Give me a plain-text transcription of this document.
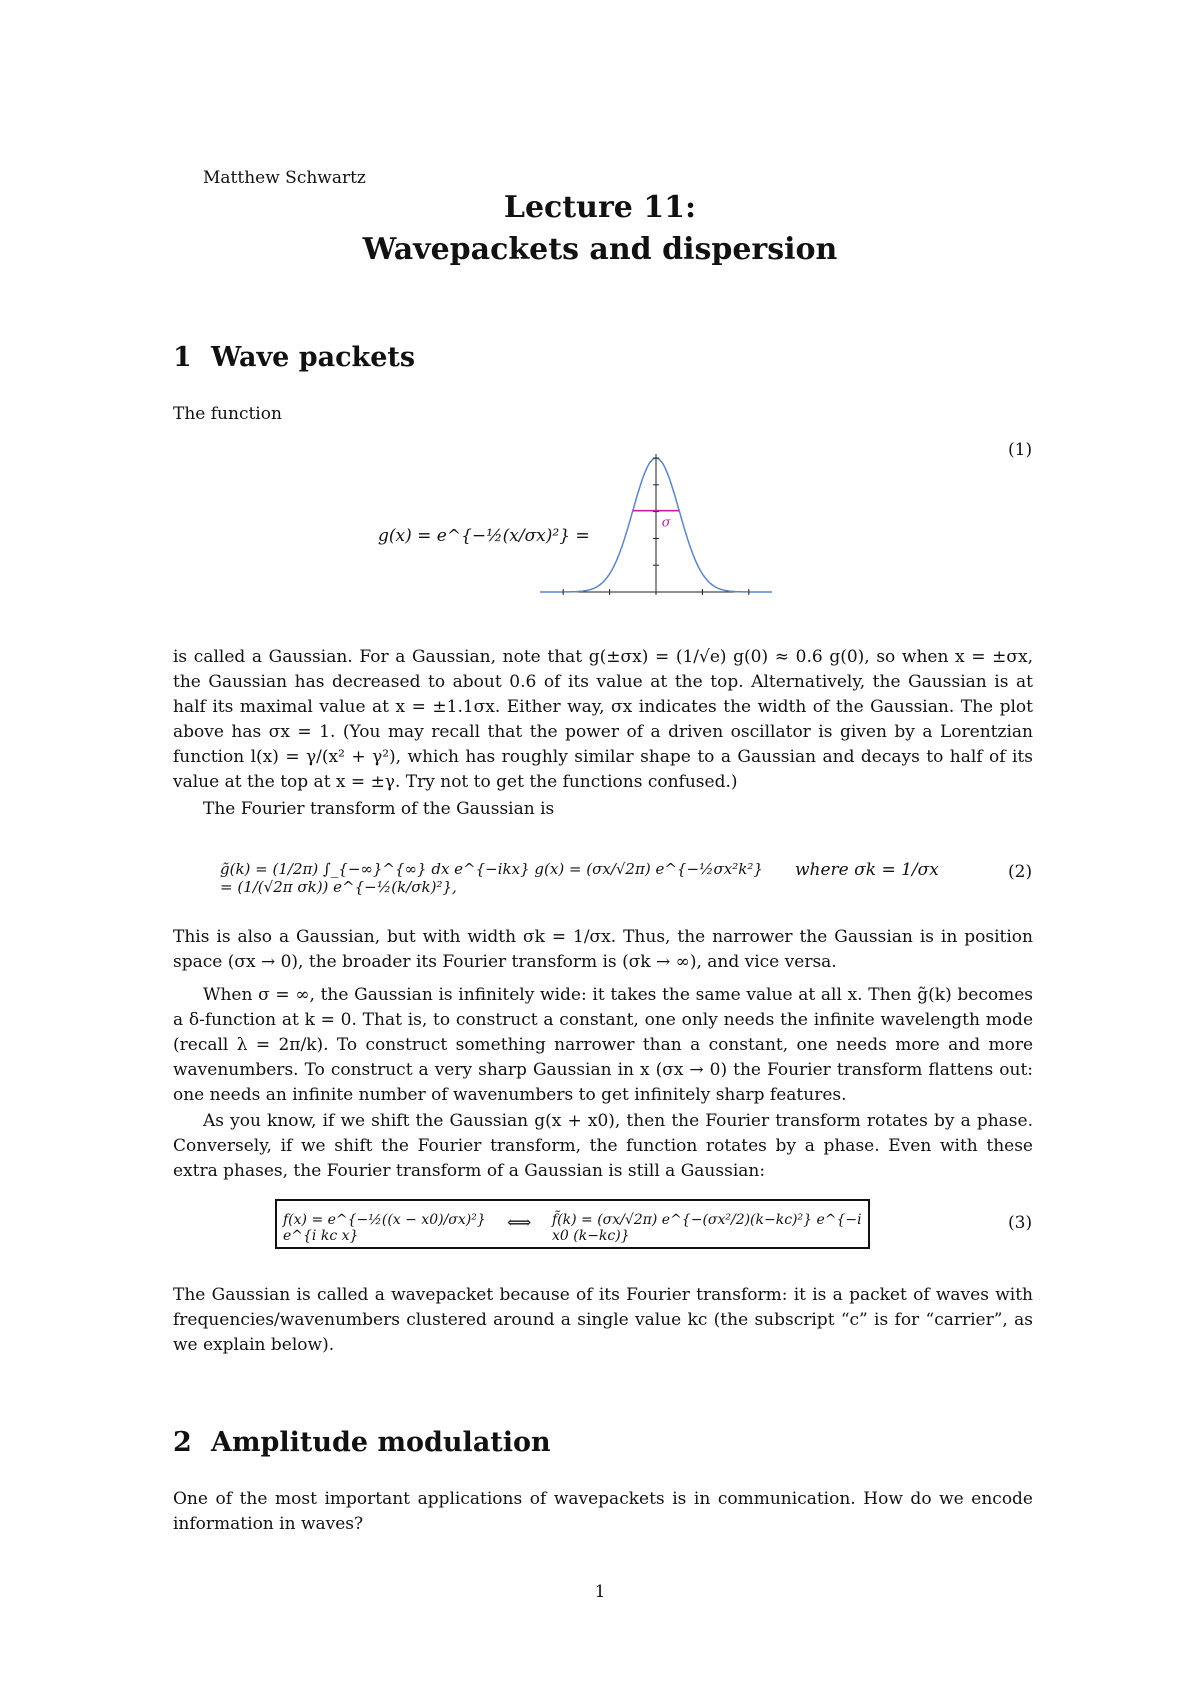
Matthew Schwartz
Lecture 11:
Wavepackets and dispersion
1 Wave packets
The function
(1)
g(x) = e^{−½(x/σx)²} =
σ
is called a Gaussian. For a Gaussian, note that g(±σx) = (1/√e) g(0) ≈ 0.6 g(0), so when x = ±σx, the Gaussian has decreased to about 0.6 of its value at the top. Alternatively, the Gaussian is at half its maximal value at x = ±1.1σx. Either way, σx indicates the width of the Gaussian. The plot above has σx = 1. (You may recall that the power of a driven oscillator is given by a Lorentzian function l(x) = γ/(x² + γ²), which has roughly similar shape to a Gaussian and decays to half of its value at the top at x = ±γ. Try not to get the functions confused.)
The Fourier transform of the Gaussian is
g̃(k) = (1/2π) ∫_{−∞}^{∞} dx e^{−ikx} g(x) = (σx/√2π) e^{−½σx²k²} = (1/(√2π σk)) e^{−½(k/σk)²},
where σk = 1/σx	(2)
This is also a Gaussian, but with width σk = 1/σx. Thus, the narrower the Gaussian is in position space (σx → 0), the broader its Fourier transform is (σk → ∞), and vice versa.
When σ = ∞, the Gaussian is infinitely wide: it takes the same value at all x. Then g̃(k) becomes a δ-function at k = 0. That is, to construct a constant, one only needs the infinite wavelength mode (recall λ = 2π/k). To construct something narrower than a constant, one needs more and more wavenumbers. To construct a very sharp Gaussian in x (σx → 0) the Fourier transform flattens out: one needs an infinite number of wavenumbers to get infinitely sharp features.
As you know, if we shift the Gaussian g(x + x0), then the Fourier transform rotates by a phase. Conversely, if we shift the Fourier transform, the function rotates by a phase. Even with these extra phases, the Fourier transform of a Gaussian is still a Gaussian:
f(x) = e^{−½((x − x0)/σx)²} e^{i kc x}
⟺ f̃(k) = (σx/√2π) e^{−(σx²/2)(k−kc)²} e^{−i x0 (k−kc)}
(3)
The Gaussian is called a wavepacket because of its Fourier transform: it is a packet of waves with frequencies/wavenumbers clustered around a single value kc (the subscript “c” is for “carrier”, as we explain below).
2 Amplitude modulation
One of the most important applications of wavepackets is in communication. How do we encode information in waves?
1
